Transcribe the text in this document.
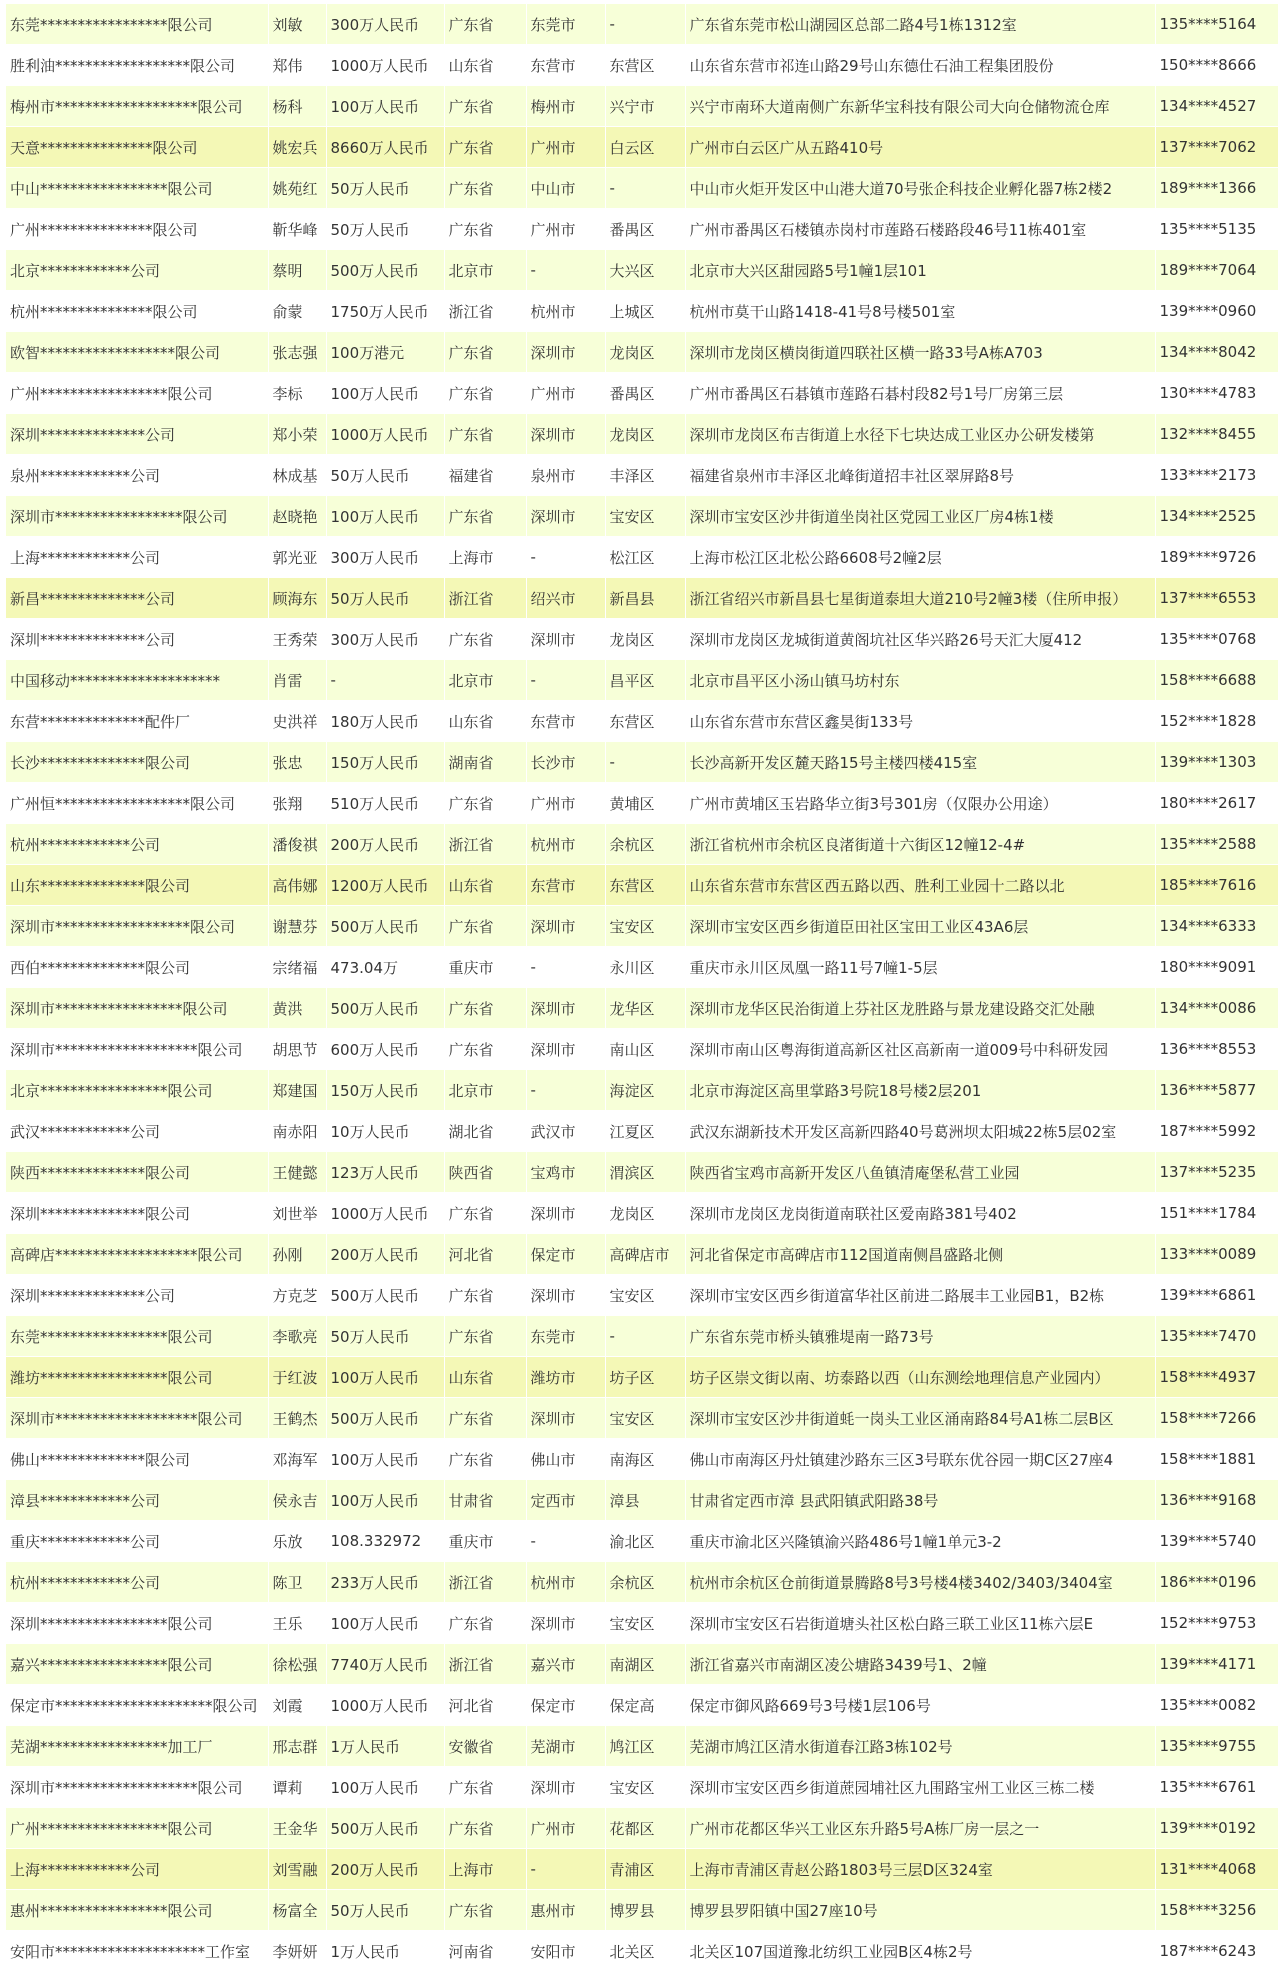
东莞*****************限公司	刘敏	300万人民币	广东省	东莞市	-	广东省东莞市松山湖园区总部二路4号1栋1312室	135****5164
胜利油******************限公司	郑伟	1000万人民币	山东省	东营市	东营区	山东省东营市祁连山路29号山东德仕石油工程集团股份	150****8666
梅州市*******************限公司	杨科	100万人民币	广东省	梅州市	兴宁市	兴宁市南环大道南侧广东新华宝科技有限公司大向仓储物流仓库	134****4527
天意***************限公司	姚宏兵	8660万人民币	广东省	广州市	白云区	广州市白云区广从五路410号	137****7062
中山*****************限公司	姚苑红	50万人民币	广东省	中山市	-	中山市火炬开发区中山港大道70号张企科技企业孵化器7栋2楼2	189****1366
广州***************限公司	靳华峰	50万人民币	广东省	广州市	番禺区	广州市番禺区石楼镇赤岗村市莲路石楼路段46号11栋401室	135****5135
北京************公司	蔡明	500万人民币	北京市	-	大兴区	北京市大兴区甜园路5号1幢1层101	189****7064
杭州***************限公司	俞蒙	1750万人民币	浙江省	杭州市	上城区	杭州市莫干山路1418-41号8号楼501室	139****0960
欧智******************限公司	张志强	100万港元	广东省	深圳市	龙岗区	深圳市龙岗区横岗街道四联社区横一路33号A栋A703	134****8042
广州*****************限公司	李标	100万人民币	广东省	广州市	番禺区	广州市番禺区石碁镇市莲路石碁村段82号1号厂房第三层	130****4783
深圳**************公司	郑小荣	1000万人民币	广东省	深圳市	龙岗区	深圳市龙岗区布吉街道上水径下七块达成工业区办公研发楼第	132****8455
泉州************公司	林成基	50万人民币	福建省	泉州市	丰泽区	福建省泉州市丰泽区北峰街道招丰社区翠屏路8号	133****2173
深圳市*****************限公司	赵晓艳	100万人民币	广东省	深圳市	宝安区	深圳市宝安区沙井街道坐岗社区党园工业区厂房4栋1楼	134****2525
上海************公司	郭光亚	300万人民币	上海市	-	松江区	上海市松江区北松公路6608号2幢2层	189****9726
新昌**************公司	顾海东	50万人民币	浙江省	绍兴市	新昌县	浙江省绍兴市新昌县七星街道泰坦大道210号2幢3楼（住所申报）	137****6553
深圳**************公司	王秀荣	300万人民币	广东省	深圳市	龙岗区	深圳市龙岗区龙城街道黄阁坑社区华兴路26号天汇大厦412	135****0768
中国移动********************	肖雷	-	北京市	-	昌平区	北京市昌平区小汤山镇马坊村东	158****6688
东营**************配件厂	史洪祥	180万人民币	山东省	东营市	东营区	山东省东营市东营区鑫昊街133号	152****1828
长沙**************限公司	张忠	150万人民币	湖南省	长沙市	-	长沙高新开发区麓天路15号主楼四楼415室	139****1303
广州恒******************限公司	张翔	510万人民币	广东省	广州市	黄埔区	广州市黄埔区玉岩路华立街3号301房（仅限办公用途）	180****2617
杭州************公司	潘俊祺	200万人民币	浙江省	杭州市	余杭区	浙江省杭州市余杭区良渚街道十六街区12幢12-4#	135****2588
山东**************限公司	高伟娜	1200万人民币	山东省	东营市	东营区	山东省东营市东营区西五路以西、胜利工业园十二路以北	185****7616
深圳市******************限公司	谢慧芬	500万人民币	广东省	深圳市	宝安区	深圳市宝安区西乡街道臣田社区宝田工业区43A6层	134****6333
西伯**************限公司	宗绪福	473.04万	重庆市	-	永川区	重庆市永川区凤凰一路11号7幢1-5层	180****9091
深圳市*****************限公司	黄洪	500万人民币	广东省	深圳市	龙华区	深圳市龙华区民治街道上芬社区龙胜路与景龙建设路交汇处融	134****0086
深圳市*******************限公司	胡思节	600万人民币	广东省	深圳市	南山区	深圳市南山区粤海街道高新区社区高新南一道009号中科研发园	136****8553
北京*****************限公司	郑建国	150万人民币	北京市	-	海淀区	北京市海淀区高里掌路3号院18号楼2层201	136****5877
武汉************公司	南赤阳	10万人民币	湖北省	武汉市	江夏区	武汉东湖新技术开发区高新四路40号葛洲坝太阳城22栋5层02室	187****5992
陕西**************限公司	王健懿	123万人民币	陕西省	宝鸡市	渭滨区	陕西省宝鸡市高新开发区八鱼镇清庵堡私营工业园	137****5235
深圳**************限公司	刘世举	1000万人民币	广东省	深圳市	龙岗区	深圳市龙岗区龙岗街道南联社区爱南路381号402	151****1784
高碑店*******************限公司	孙刚	200万人民币	河北省	保定市	高碑店市	河北省保定市高碑店市112国道南侧昌盛路北侧	133****0089
深圳**************公司	方克芝	500万人民币	广东省	深圳市	宝安区	深圳市宝安区西乡街道富华社区前进二路展丰工业园B1，B2栋	139****6861
东莞*****************限公司	李歌亮	50万人民币	广东省	东莞市	-	广东省东莞市桥头镇雅堤南一路73号	135****7470
潍坊*****************限公司	于红波	100万人民币	山东省	潍坊市	坊子区	坊子区崇文街以南、坊泰路以西（山东测绘地理信息产业园内）	158****4937
深圳市*******************限公司	王鹤杰	500万人民币	广东省	深圳市	宝安区	深圳市宝安区沙井街道蚝一岗头工业区涌南路84号A1栋二层B区	158****7266
佛山**************限公司	邓海军	100万人民币	广东省	佛山市	南海区	佛山市南海区丹灶镇建沙路东三区3号联东优谷园一期C区27座4	158****1881
漳县************公司	侯永吉	100万人民币	甘肃省	定西市	漳县	甘肃省定西市漳 县武阳镇武阳路38号	136****9168
重庆************公司	乐放	108.332972	重庆市	-	渝北区	重庆市渝北区兴隆镇渝兴路486号1幢1单元3-2	139****5740
杭州************公司	陈卫	233万人民币	浙江省	杭州市	余杭区	杭州市余杭区仓前街道景腾路8号3号楼4楼3402/3403/3404室	186****0196
深圳*****************限公司	王乐	100万人民币	广东省	深圳市	宝安区	深圳市宝安区石岩街道塘头社区松白路三联工业区11栋六层E	152****9753
嘉兴*****************限公司	徐松强	7740万人民币	浙江省	嘉兴市	南湖区	浙江省嘉兴市南湖区凌公塘路3439号1、2幢	139****4171
保定市*********************限公司	刘霞	1000万人民币	河北省	保定市	保定高	保定市御风路669号3号楼1层106号	135****0082
芜湖*****************加工厂	邢志群	1万人民币	安徽省	芜湖市	鸠江区	芜湖市鸠江区清水街道春江路3栋102号	135****9755
深圳市*******************限公司	谭莉	100万人民币	广东省	深圳市	宝安区	深圳市宝安区西乡街道蔗园埔社区九围路宝州工业区三栋二楼	135****6761
广州*****************限公司	王金华	500万人民币	广东省	广州市	花都区	广州市花都区华兴工业区东升路5号A栋厂房一层之一	139****0192
上海************公司	刘雪融	200万人民币	上海市	-	青浦区	上海市青浦区青赵公路1803号三层D区324室	131****4068
惠州*****************限公司	杨富全	50万人民币	广东省	惠州市	博罗县	博罗县罗阳镇中国27座10号	158****3256
安阳市********************工作室	李妍妍	1万人民币	河南省	安阳市	北关区	北关区107国道豫北纺织工业园B区4栋2号	187****6243
